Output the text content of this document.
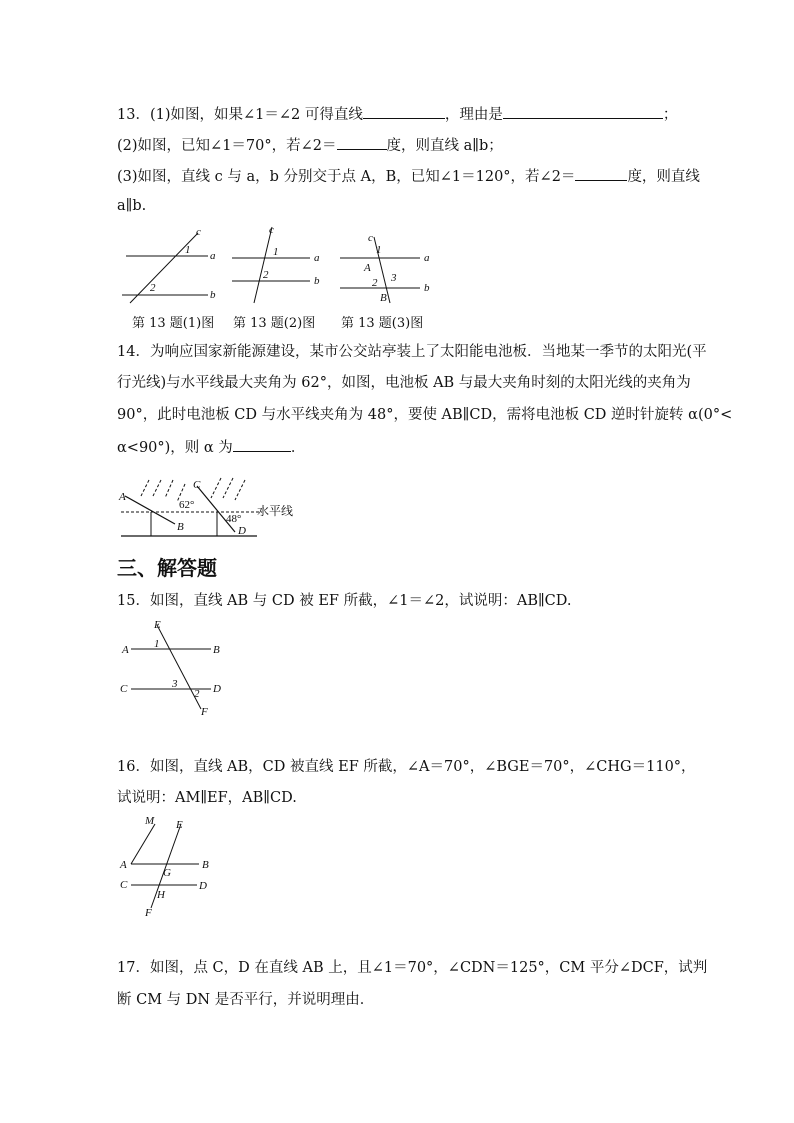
13．(1)如图，如果∠1＝∠2 可得直线	，理由是	；
(2)如图，已知∠1＝70°，若∠2＝	度，则直线 a∥b；
(3)如图，直线 c 与 a，b 分别交于点 A，B，已知∠1＝120°，若∠2＝	度，则直线
a∥b.
c
1 a
2
b
c
1	a
2	b
c
1
A
a
2 3
B
b
第 13 题(1)图 第 13 题(2)图 第 13 题(3)图
14．为响应国家新能源建设，某市公交站亭装上了太阳能电池板．当地某一季节的太阳光(平
行光线)与水平线最大夹角为 62°，如图，电池板 AB 与最大夹角时刻的太阳光线的夹角为
90°，此时电池板 CD 与水平线夹角为 48°，要使 AB∥CD，需将电池板 CD 逆时针旋转 α(0°<
α<90°)，则 α 为	．
A
62°
B
C
48°
D
水平线
三、解答题
15．如图，直线 AB 与 CD 被 EF 所截，∠1＝∠2，试说明：AB∥CD.
E
A 1	B
C	3
2 D
F
16．如图，直线 AB，CD 被直线 EF 所截，∠A＝70°，∠BGE＝70°，∠CHG＝110°，
试说明：AM∥EF，AB∥CD.
M E
A
G
B
C
H
D
F
17．如图，点 C，D 在直线 AB 上，且∠1＝70°，∠CDN＝125°，CM 平分∠DCF，试判
断 CM 与 DN 是否平行，并说明理由．
